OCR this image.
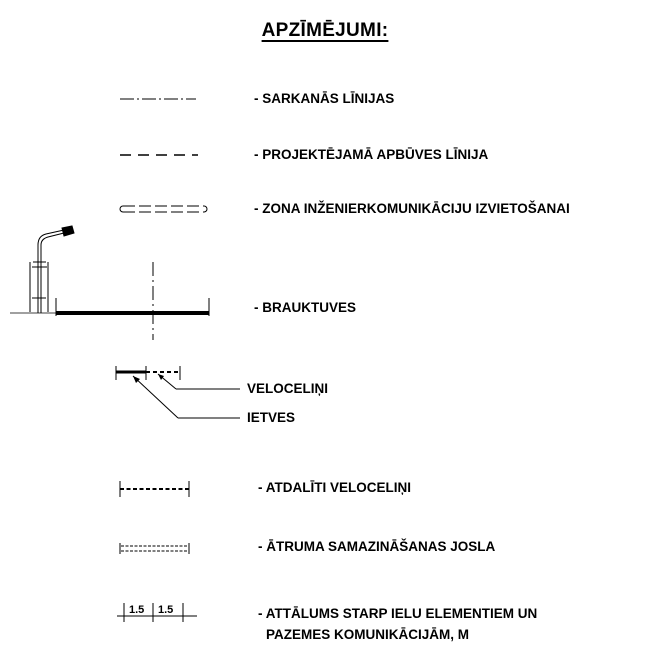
APZĪMĒJUMI:
1.5 1.5
- SARKANĀS LĪNIJAS
- PROJEKTĒJAMĀ APBŪVES LĪNIJA
- ZONA INŽENIERKOMUNIKĀCIJU IZVIETOŠANAI
- BRAUKTUVES
VELOCELIŅI
IETVES
- ATDALĪTI VELOCELIŅI
- ĀTRUMA SAMAZINĀŠANAS JOSLA
- ATTĀLUMS STARP IELU ELEMENTIEM UN
PAZEMES KOMUNIKĀCIJĀM, M
